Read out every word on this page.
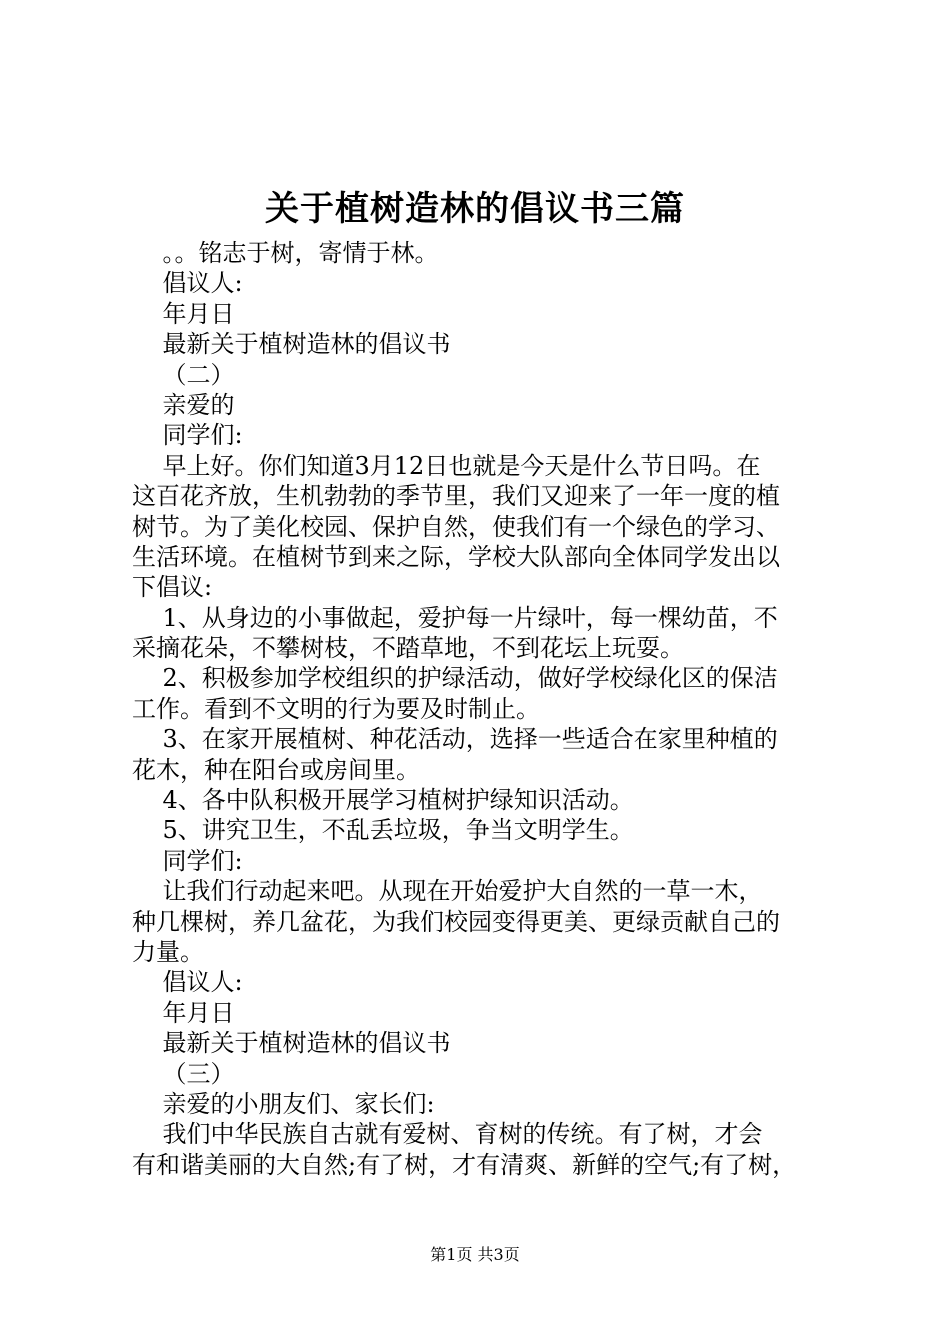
关于植树造林的倡议书三篇
。。铭志于树，寄情于林。
倡议人:
年月日
最新关于植树造林的倡议书
（二）
亲爱的
同学们:
早上好。你们知道3月12日也就是今天是什么节日吗。在
这百花齐放，生机勃勃的季节里，我们又迎来了一年一度的植
树节。为了美化校园、保护自然，使我们有一个绿色的学习、
生活环境。在植树节到来之际，学校大队部向全体同学发出以
下倡议:
1、从身边的小事做起，爱护每一片绿叶，每一棵幼苗，不
采摘花朵，不攀树枝，不踏草地，不到花坛上玩耍。
2、积极参加学校组织的护绿活动，做好学校绿化区的保洁
工作。看到不文明的行为要及时制止。
3、在家开展植树、种花活动，选择一些适合在家里种植的
花木，种在阳台或房间里。
4、各中队积极开展学习植树护绿知识活动。
5、讲究卫生，不乱丢垃圾，争当文明学生。
同学们:
让我们行动起来吧。从现在开始爱护大自然的一草一木，
种几棵树，养几盆花，为我们校园变得更美、更绿贡献自己的
力量。
倡议人:
年月日
最新关于植树造林的倡议书
（三）
亲爱的小朋友们、家长们:
我们中华民族自古就有爱树、育树的传统。有了树，才会
有和谐美丽的大自然;有了树，才有清爽、新鲜的空气;有了树，
第1页 共3页
